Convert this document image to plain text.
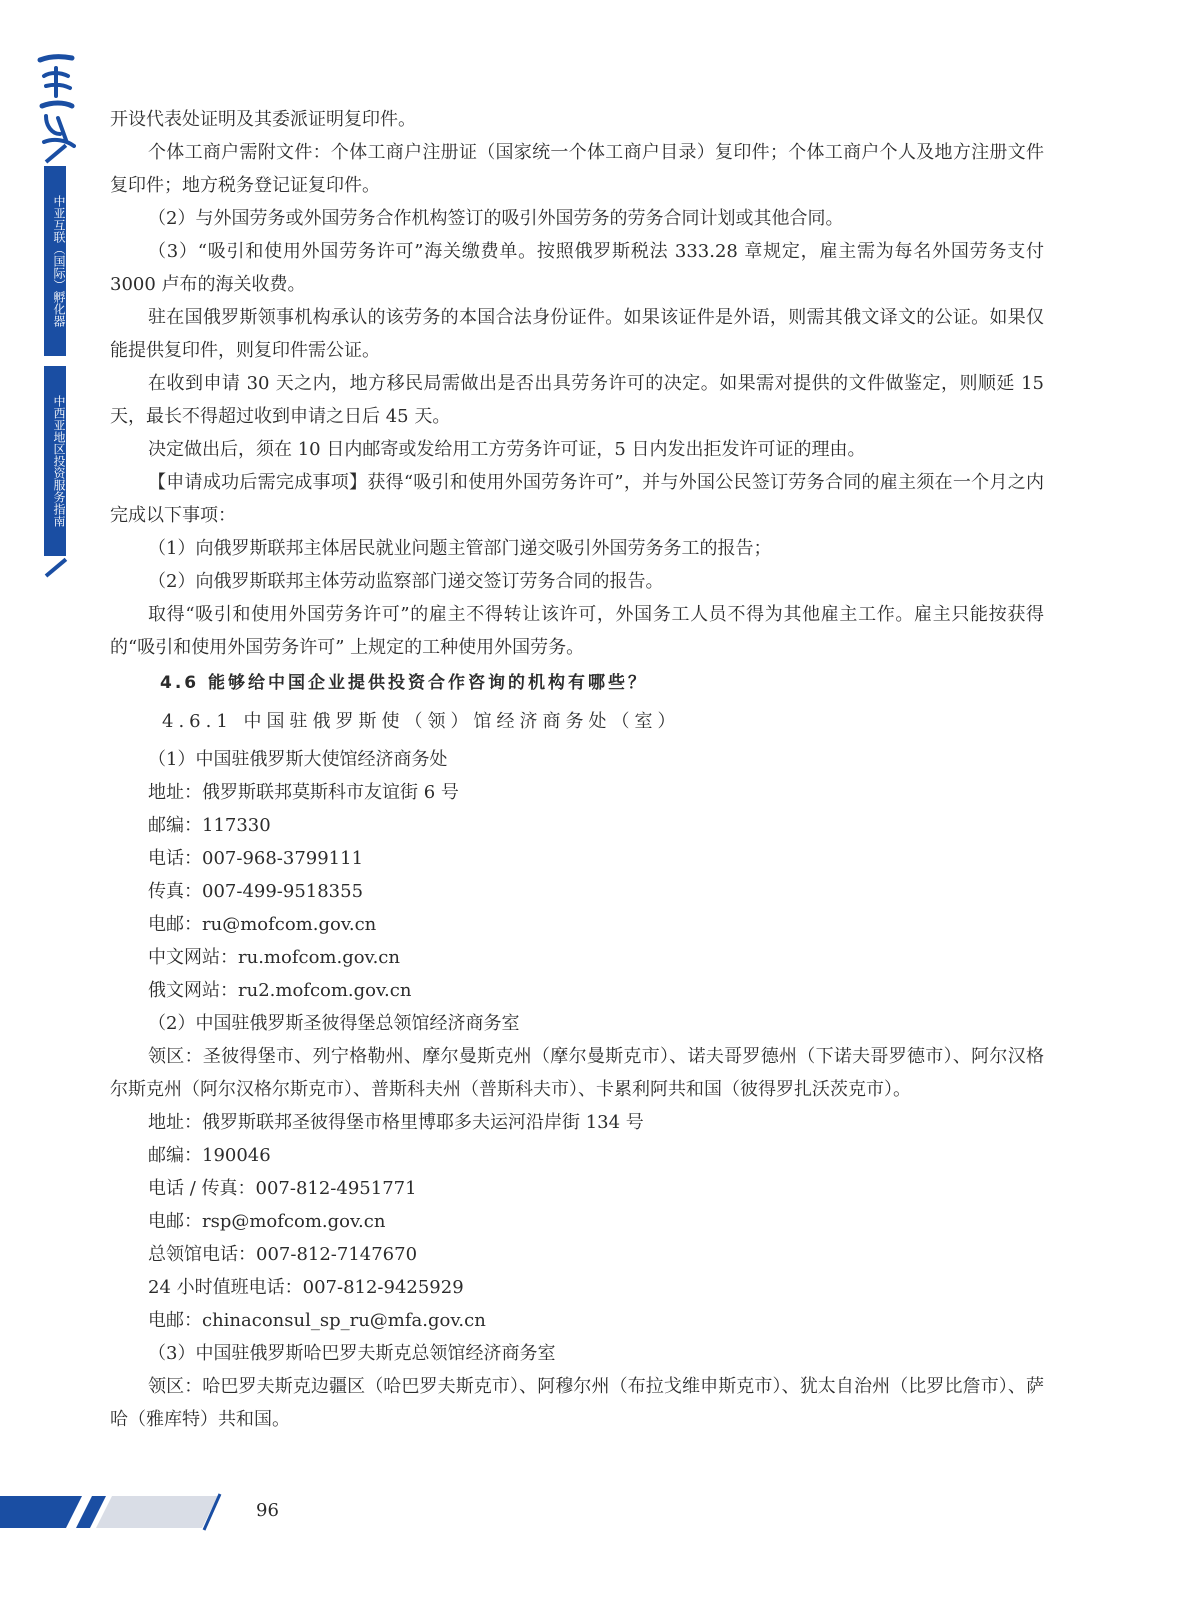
中亚互联（国际）孵化器
中西亚地区投资服务指南

开设代表处证明及其委派证明复印件。

个体工商户需附文件：个体工商户注册证（国家统一个体工商户目录）复印件；个体工商户个人及地方注册文件复印件；地方税务登记证复印件。

（2）与外国劳务或外国劳务合作机构签订的吸引外国劳务的劳务合同计划或其他合同。

（3）“吸引和使用外国劳务许可”海关缴费单。按照俄罗斯税法 333.28 章规定，雇主需为每名外国劳务支付 3000 卢布的海关收费。

驻在国俄罗斯领事机构承认的该劳务的本国合法身份证件。如果该证件是外语，则需其俄文译文的公证。如果仅能提供复印件，则复印件需公证。

在收到申请 30 天之内，地方移民局需做出是否出具劳务许可的决定。如果需对提供的文件做鉴定，则顺延 15 天，最长不得超过收到申请之日后 45 天。

决定做出后，须在 10 日内邮寄或发给用工方劳务许可证，5 日内发出拒发许可证的理由。

【申请成功后需完成事项】获得“吸引和使用外国劳务许可”，并与外国公民签订劳务合同的雇主须在一个月之内完成以下事项：

（1）向俄罗斯联邦主体居民就业问题主管部门递交吸引外国劳务务工的报告；

（2）向俄罗斯联邦主体劳动监察部门递交签订劳务合同的报告。

取得“吸引和使用外国劳务许可”的雇主不得转让该许可，外国务工人员不得为其他雇主工作。雇主只能按获得的“吸引和使用外国劳务许可” 上规定的工种使用外国劳务。

4.6 能够给中国企业提供投资合作咨询的机构有哪些？

4.6.1 中国驻俄罗斯使（领）馆经济商务处（室）

（1）中国驻俄罗斯大使馆经济商务处

地址：俄罗斯联邦莫斯科市友谊街 6 号

邮编：117330

电话：007-968-3799111

传真：007-499-9518355

电邮：ru@mofcom.gov.cn

中文网站：ru.mofcom.gov.cn

俄文网站：ru2.mofcom.gov.cn

（2）中国驻俄罗斯圣彼得堡总领馆经济商务室

领区：圣彼得堡市、列宁格勒州、摩尔曼斯克州（摩尔曼斯克市）、诺夫哥罗德州（下诺夫哥罗德市）、阿尔汉格尔斯克州（阿尔汉格尔斯克市）、普斯科夫州（普斯科夫市）、卡累利阿共和国（彼得罗扎沃茨克市）。

地址：俄罗斯联邦圣彼得堡市格里博耶多夫运河沿岸街 134 号

邮编：190046

电话 / 传真：007-812-4951771

电邮：rsp@mofcom.gov.cn

总领馆电话：007-812-7147670

24 小时值班电话：007-812-9425929

电邮：chinaconsul_sp_ru@mfa.gov.cn

（3）中国驻俄罗斯哈巴罗夫斯克总领馆经济商务室

领区：哈巴罗夫斯克边疆区（哈巴罗夫斯克市）、阿穆尔州（布拉戈维申斯克市）、犹太自治州（比罗比詹市）、萨哈（雅库特）共和国。

96
